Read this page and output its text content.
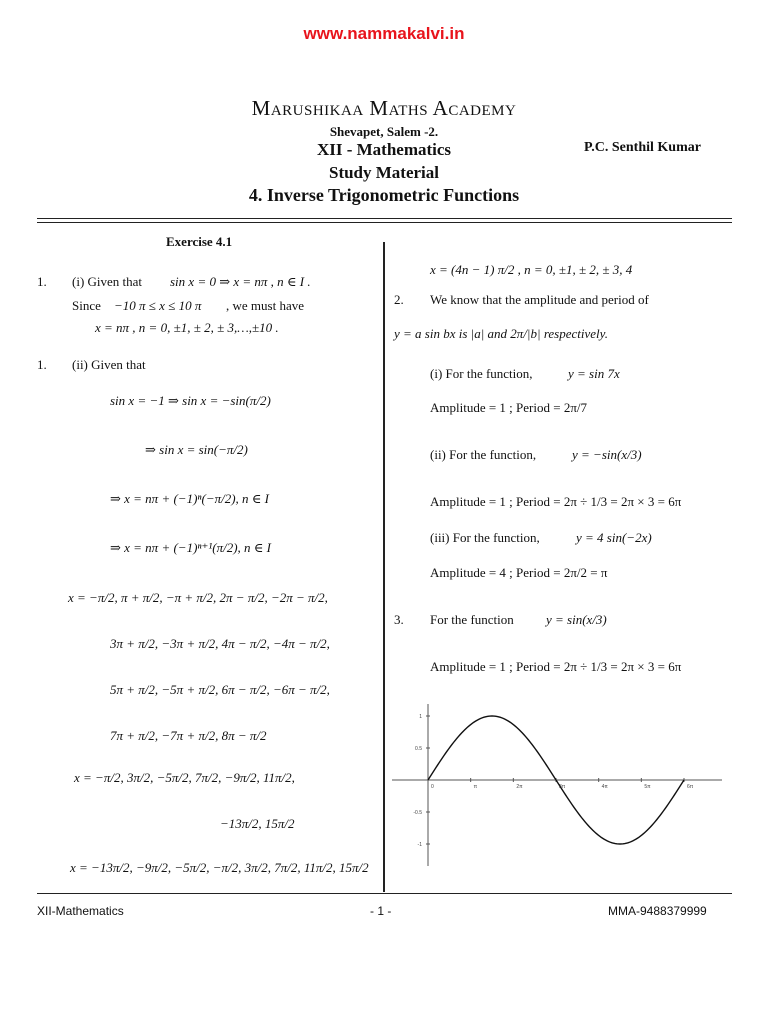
www.nammakalvi.in
Marushikaa Maths Academy
Shevapet, Salem -2.
XII - Mathematics	P.C. Senthil Kumar
Study Material
4. Inverse Trigonometric Functions
Exercise 4.1
1. (i) Given that sin x = 0 ⇒ x = nπ , n ∈ I .
Since −10 π ≤ x ≤ 10 π , we must have
x = nπ , n = 0, ±1, ± 2, ± 3,…,±10 .
1. (ii) Given that
sin x = −1 ⇒ sin x = −sin(π/2)
⇒ sin x = sin(−π/2)
⇒ x = nπ + (−1)ⁿ(−π/2), n ∈ I
⇒ x = nπ + (−1)ⁿ⁺¹(π/2), n ∈ I
x = −π/2, π + π/2, −π + π/2, 2π − π/2, −2π − π/2,
3π + π/2, −3π + π/2, 4π − π/2, −4π − π/2,
5π + π/2, −5π + π/2, 6π − π/2, −6π − π/2,
7π + π/2, −7π + π/2, 8π − π/2
x = −π/2, 3π/2, −5π/2, 7π/2, −9π/2, 11π/2,
−13π/2, 15π/2
x = −13π/2, −9π/2, −5π/2, −π/2, 3π/2, 7π/2, 11π/2, 15π/2
x = (4n − 1) π/2 , n = 0, ±1, ± 2, ± 3, 4
2. We know that the amplitude and period of
y = a sin bx is |a| and 2π/|b| respectively.
(i) For the function,	y = sin 7x
Amplitude = 1 ; Period = 2π/7
(ii) For the function,	y = −sin(x/3)
Amplitude = 1 ; Period = 2π ÷ 1/3 = 2π × 3 = 6π
(iii) For the function,	y = 4 sin(−2x)
Amplitude = 4 ; Period = 2π/2 = π
3. For the function y = sin(x/3)
Amplitude = 1 ; Period = 2π ÷ 1/3 = 2π × 3 = 6π
0	π	2π	3π	4π	5π	6π
1
0.5
-0.5
-1
XII-Mathematics	- 1 -	MMA-9488379999
